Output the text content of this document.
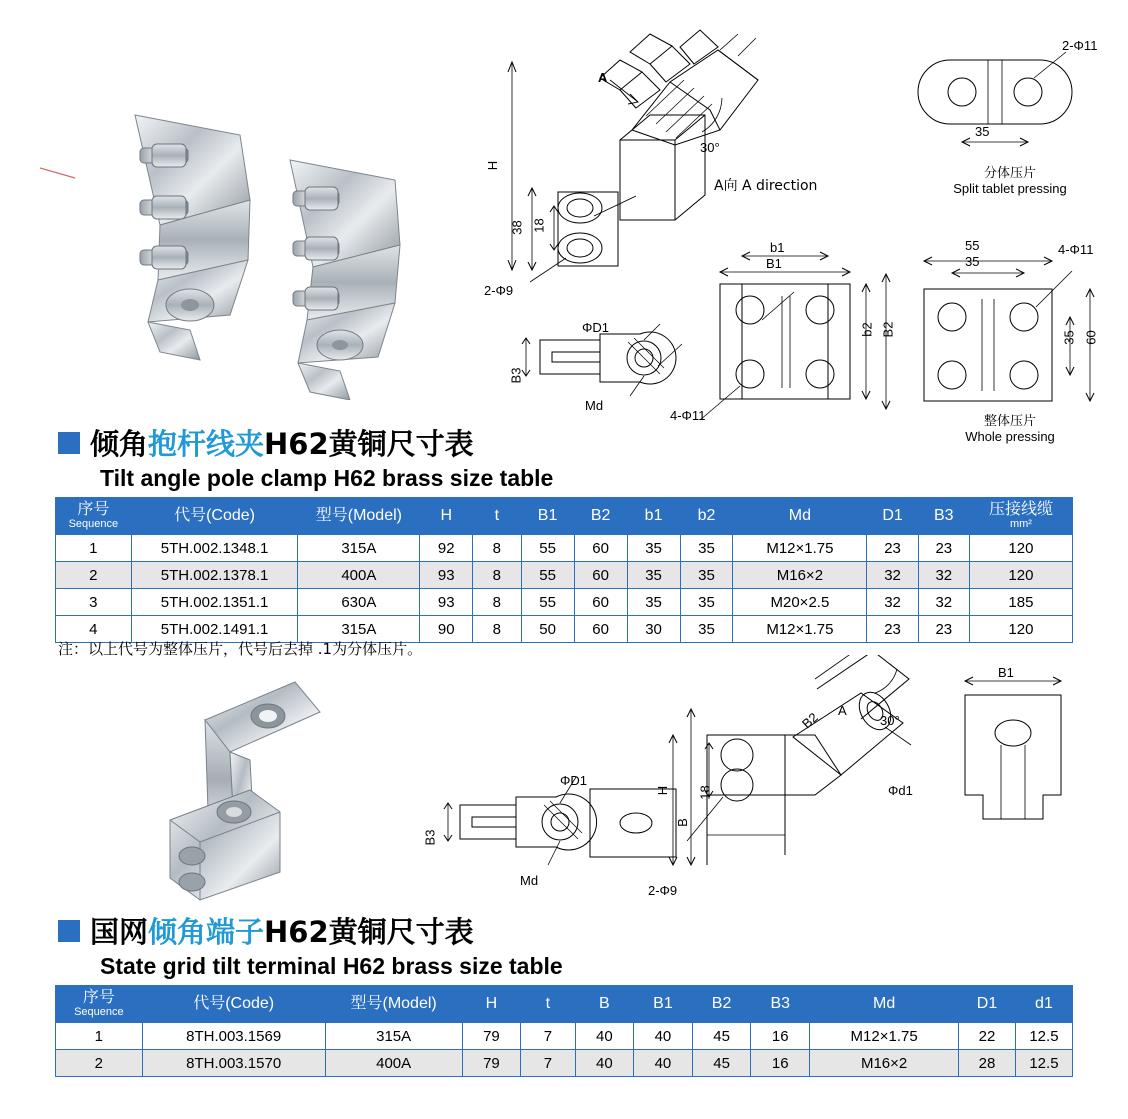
H
38 18
2-Φ9
A
30°
B3
ΦD1
Md
A向 A direction
B1
b1
b2 B2
4-Φ11
2-Φ11
35
55
35
4-Φ11
35 60
分体压片
Split tablet pressing
整体压片
Whole pressing
倾角抱杆线夹H62黄铜尺寸表
Tilt angle pole clamp H62 brass size table
序号
Sequence	代号(Code)	型号(Model)	H	t	B1	B2	b1	b2	Md	D1	B3	压接线缆
mm²

1	5TH.002.1348.1	315A	92	8	55	60	35	35	M12×1.75	23	23	120
2	5TH.002.1378.1	400A	93	8	55	60	35	35	M16×2	32	32	120
3	5TH.002.1351.1	630A	93	8	55	60	35	35	M20×2.5	32	32	185
4	5TH.002.1491.1	315A	90	8	50	60	30	35	M12×1.75	23	23	120
注：以上代号为整体压片，代号后去掉 .1为分体压片。
ΦD1
B3
Md
H
B
18
2-Φ9
B2 A
30°
Φd1
B1
国网倾角端子H62黄铜尺寸表
State grid tilt terminal H62 brass size table
序号
Sequence	代号(Code)	型号(Model)	H	t	B	B1	B2	B3	Md	D1	d1
1	8TH.003.1569	315A	79	7	40	40	45	16	M12×1.75	22	12.5
2	8TH.003.1570	400A	79	7	40	40	45	16	M16×2	28	12.5
